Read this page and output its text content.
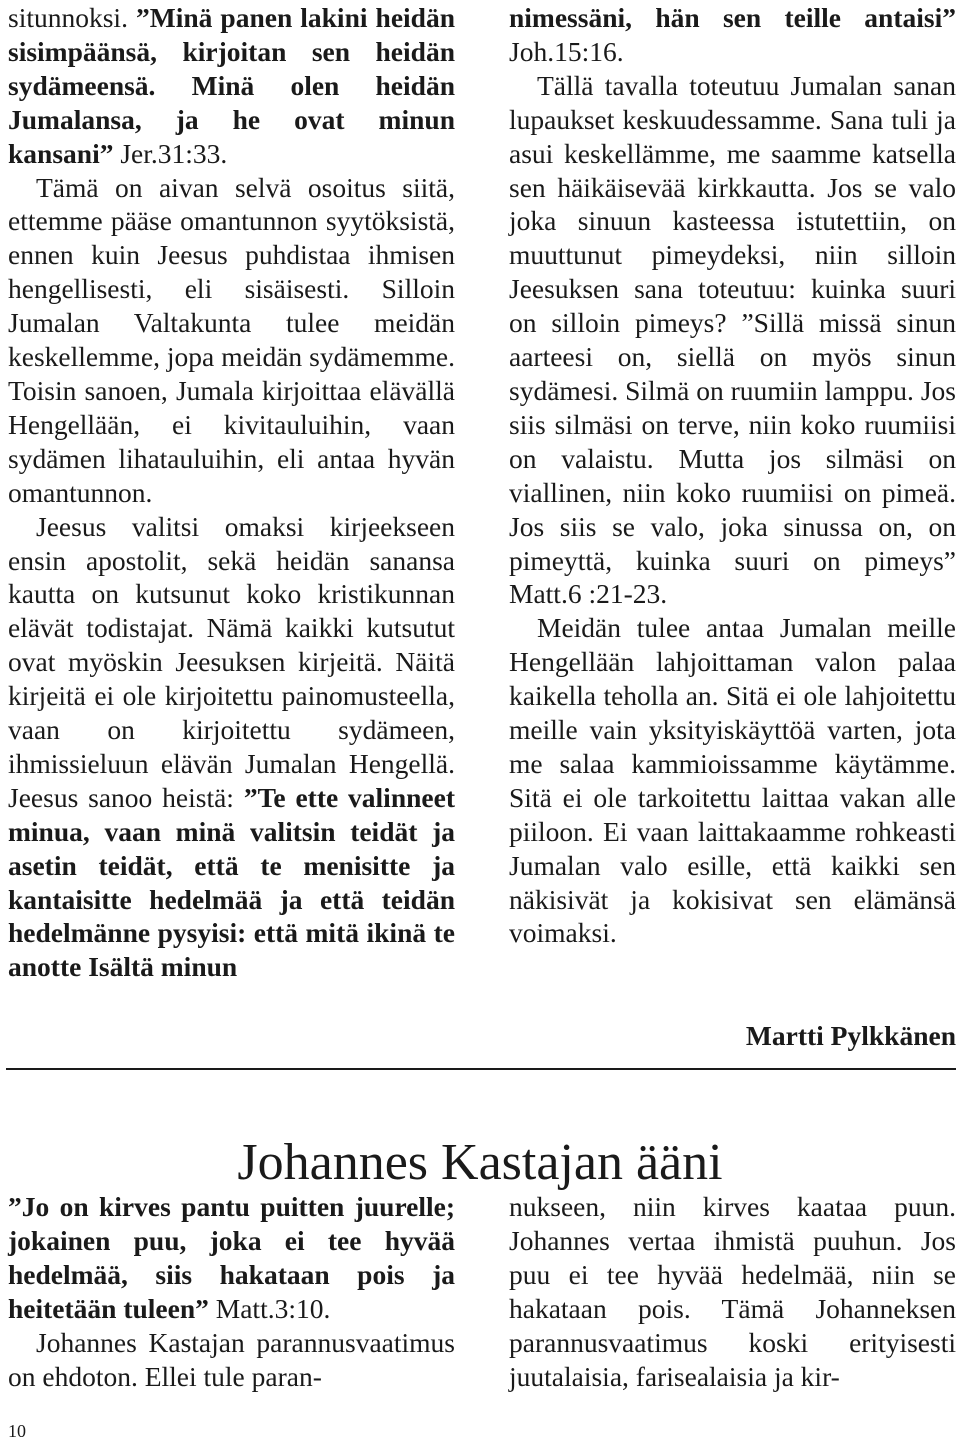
situnnoksi. ”Minä panen lakini heidän sisimpäänsä, kirjoitan sen heidän sydämeensä. Minä olen heidän Jumalansa, ja he ovat minun kansani” Jer.31:33.

Tämä on aivan selvä osoitus siitä, ettemme pääse omantunnon syytöksistä, ennen kuin Jeesus puhdistaa ihmisen hengellisesti, eli sisäisesti. Silloin Jumalan Valtakunta tulee meidän keskellemme, jopa meidän sydämemme. Toisin sanoen, Jumala kirjoittaa elävällä Hengellään, ei kivitauluihin, vaan sydämen lihatauluihin, eli antaa hyvän omantunnon.

Jeesus valitsi omaksi kirjeekseen ensin apostolit, sekä heidän sanansa kautta on kutsunut koko kristikunnan elävät todistajat. Nämä kaikki kutsutut ovat myöskin Jeesuksen kirjeitä. Näitä kirjeitä ei ole kirjoitettu painomusteella, vaan on kirjoitettu sydämeen, ihmissieluun elävän Jumalan Hengellä. Jeesus sanoo heistä: ”Te ette valinneet minua, vaan minä valitsin teidät ja asetin teidät, että te menisitte ja kantaisitte hedelmää ja että teidän hedelmänne pysyisi: että mitä ikinä te anotte Isältä minun

nimessäni, hän sen teille antaisi” Joh.15:16.

Tällä tavalla toteutuu Jumalan sanan lupaukset keskuudessamme. Sana tuli ja asui keskellämme, me saamme katsella sen häikäisevää kirkkautta. Jos se valo joka sinuun kasteessa istutettiin, on muuttunut pimeydeksi, niin silloin Jeesuksen sana toteutuu: kuinka suuri on silloin pimeys? ”Sillä missä sinun aarteesi on, siellä on myös sinun sydämesi. Silmä on ruumiin lamppu. Jos siis silmäsi on terve, niin koko ruumiisi on valaistu. Mutta jos silmäsi on viallinen, niin koko ruumiisi on pimeä. Jos siis se valo, joka sinussa on, on pimeyttä, kuinka suuri on pimeys” Matt.6 :21-23.

Meidän tulee antaa Jumalan meille Hengellään lahjoittaman valon palaa kaikella teholla an. Sitä ei ole lahjoitettu meille vain yksityiskäyttöä varten, jota me salaa kammioissamme käytämme. Sitä ei ole tarkoitettu laittaa vakan alle piiloon. Ei vaan laittakaamme rohkeasti Jumalan valo esille, että kaikki sen näkisivät ja kokisivat sen elämänsä voimaksi.

Martti Pylkkänen
Johannes Kastajan ääni

”Jo on kirves pantu puitten juurelle; jokainen puu, joka ei tee hyvää hedelmää, siis hakataan pois ja heitetään tuleen” Matt.3:10.

Johannes Kastajan parannusvaatimus on ehdoton. Ellei tule paran-

nukseen, niin kirves kaataa puun. Johannes vertaa ihmistä puuhun. Jos puu ei tee hyvää hedelmää, niin se hakataan pois. Tämä Johanneksen parannusvaatimus koski erityisesti juutalaisia, farisealaisia ja kir-

10
